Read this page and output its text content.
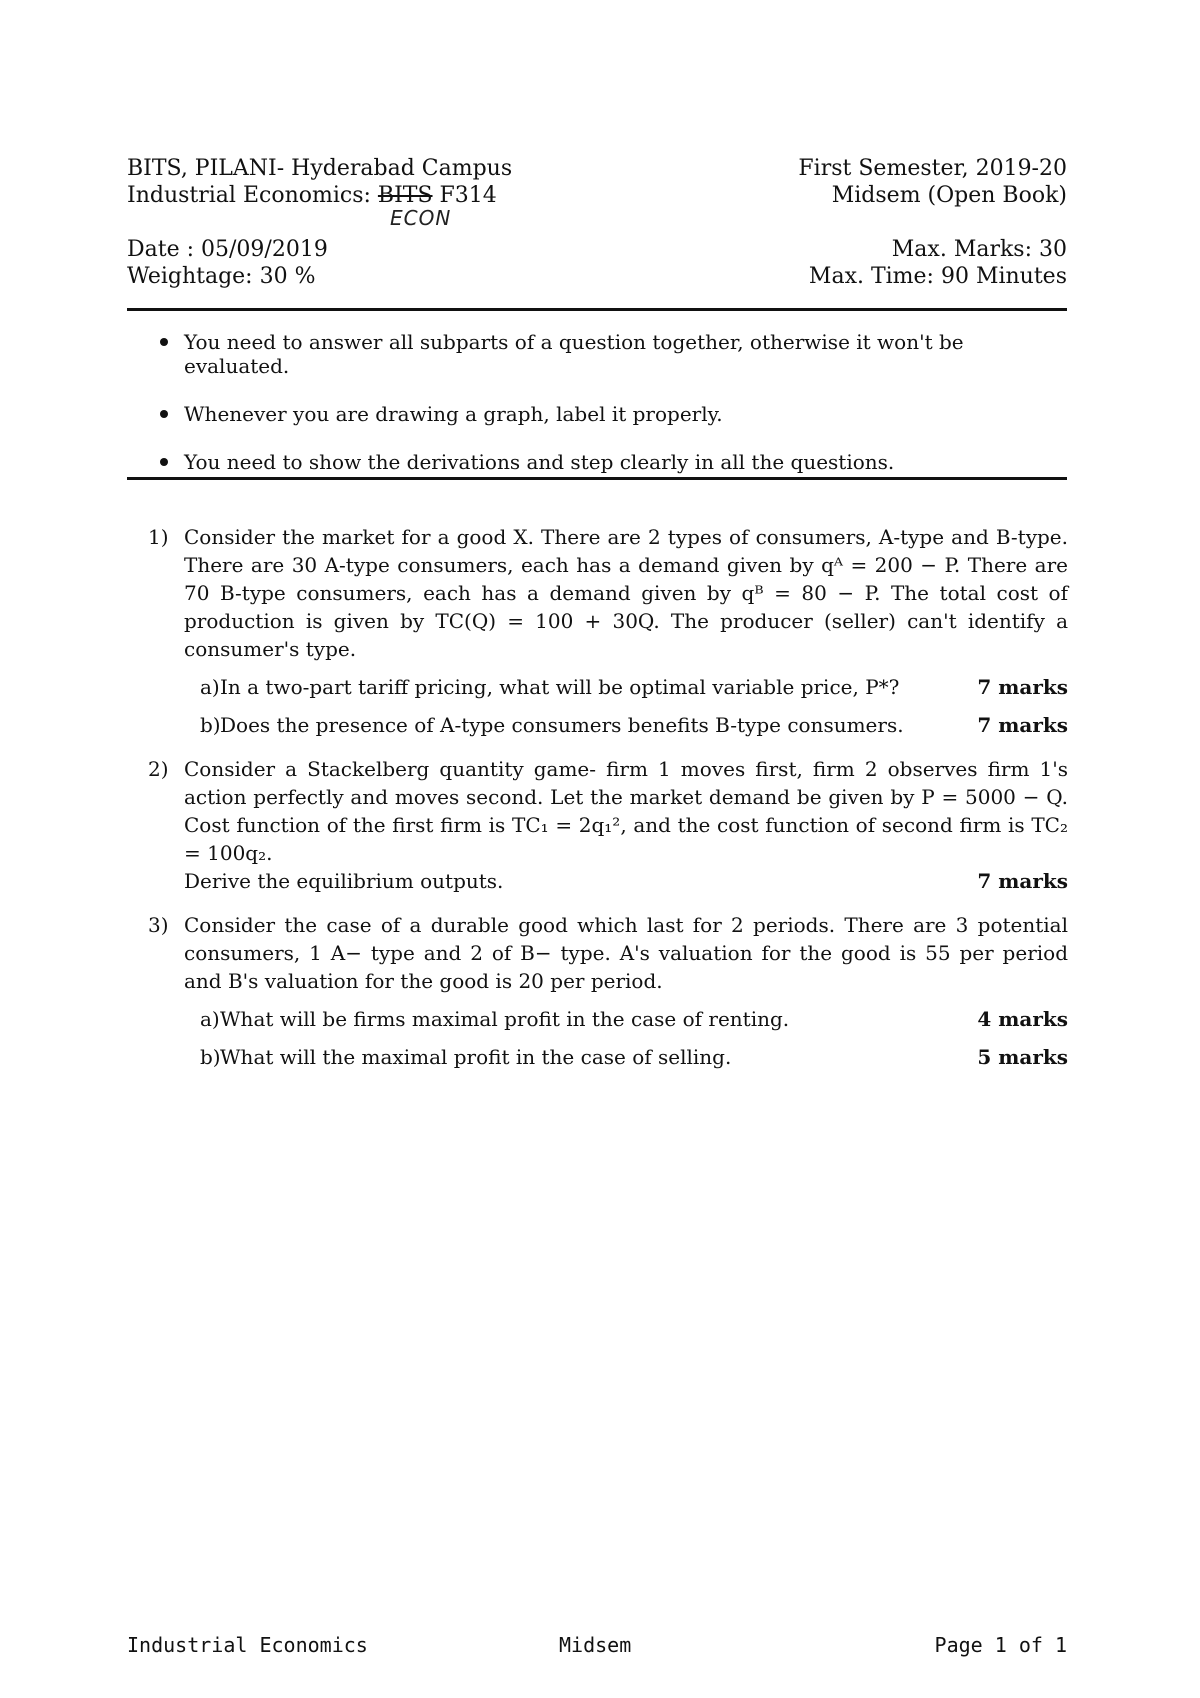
BITS, PILANI- Hyderabad Campus
Industrial Economics: BITS F314
ECON
First Semester, 2019-20
Midsem (Open Book)
Date : 05/09/2019
Weightage: 30 %
Max. Marks: 30
Max. Time: 90 Minutes
You need to answer all subparts of a question together, otherwise it won't be evaluated.
Whenever you are drawing a graph, label it properly.
You need to show the derivations and step clearly in all the questions.
1) Consider the market for a good X. There are 2 types of consumers, A-type and B-type. There are 30 A-type consumers, each has a demand given by qᴬ = 200 − P. There are 70 B-type consumers, each has a demand given by qᴮ = 80 − P. The total cost of production is given by TC(Q) = 100 + 30Q. The producer (seller) can't identify a consumer's type.
a) In a two-part tariff pricing, what will be optimal variable price, P*?	7 marks
b) Does the presence of A-type consumers benefits B-type consumers.	7 marks
2) Consider a Stackelberg quantity game- firm 1 moves first, firm 2 observes firm 1's action perfectly and moves second. Let the market demand be given by P = 5000 − Q. Cost function of the first firm is TC₁ = 2q₁², and the cost function of second firm is TC₂ = 100q₂.
Derive the equilibrium outputs.	7 marks
3) Consider the case of a durable good which last for 2 periods. There are 3 potential consumers, 1 A− type and 2 of B− type. A's valuation for the good is 55 per period and B's valuation for the good is 20 per period.
a) What will be firms maximal profit in the case of renting.	4 marks
b) What will the maximal profit in the case of selling.	5 marks
Industrial Economics	Midsem	Page 1 of 1
